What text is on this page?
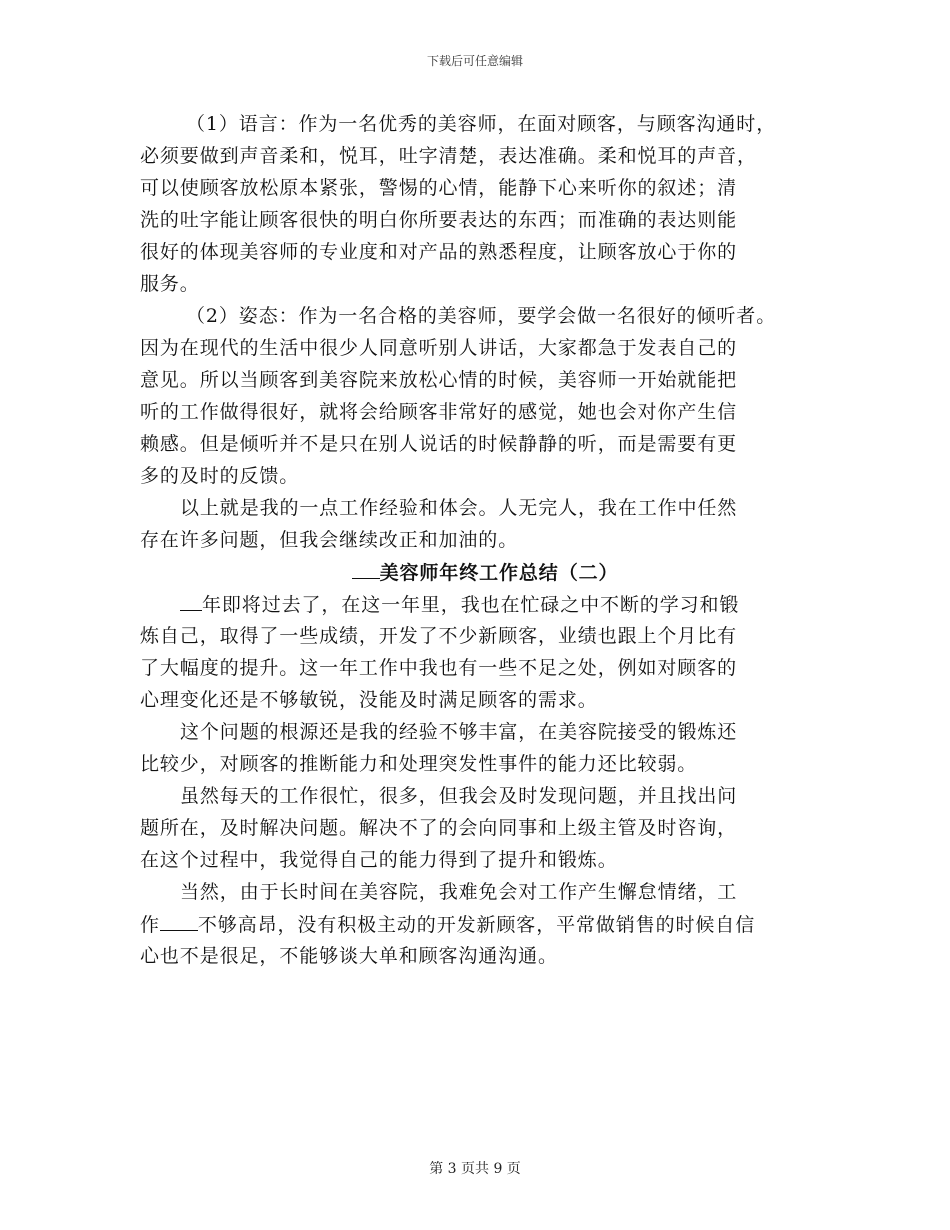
下载后可任意编辑
（1）语言：作为一名优秀的美容师，在面对顾客，与顾客沟通时，
必须要做到声音柔和，悦耳，吐字清楚，表达准确。柔和悦耳的声音，
可以使顾客放松原本紧张，警惕的心情，能静下心来听你的叙述；清
洗的吐字能让顾客很快的明白你所要表达的东西；而准确的表达则能
很好的体现美容师的专业度和对产品的熟悉程度，让顾客放心于你的
服务。
（2）姿态：作为一名合格的美容师，要学会做一名很好的倾听者。
因为在现代的生活中很少人同意听别人讲话，大家都急于发表自己的
意见。所以当顾客到美容院来放松心情的时候，美容师一开始就能把
听的工作做得很好，就将会给顾客非常好的感觉，她也会对你产生信
赖感。但是倾听并不是只在别人说话的时候静静的听，而是需要有更
多的及时的反馈。
以上就是我的一点工作经验和体会。人无完人，我在工作中任然
存在许多问题，但我会继续改正和加油的。
美容师年终工作总结（二）
年即将过去了，在这一年里，我也在忙碌之中不断的学习和锻
炼自己，取得了一些成绩，开发了不少新顾客，业绩也跟上个月比有
了大幅度的提升。这一年工作中我也有一些不足之处，例如对顾客的
心理变化还是不够敏锐，没能及时满足顾客的需求。
这个问题的根源还是我的经验不够丰富，在美容院接受的锻炼还
比较少，对顾客的推断能力和处理突发性事件的能力还比较弱。
虽然每天的工作很忙，很多，但我会及时发现问题，并且找出问
题所在，及时解决问题。解决不了的会向同事和上级主管及时咨询，
在这个过程中，我觉得自己的能力得到了提升和锻炼。
当然，由于长时间在美容院，我难免会对工作产生懈怠情绪，工
作 不够高昂，没有积极主动的开发新顾客，平常做销售的时候自信
心也不是很足，不能够谈大单和顾客沟通沟通。
第 3 页共 9 页
